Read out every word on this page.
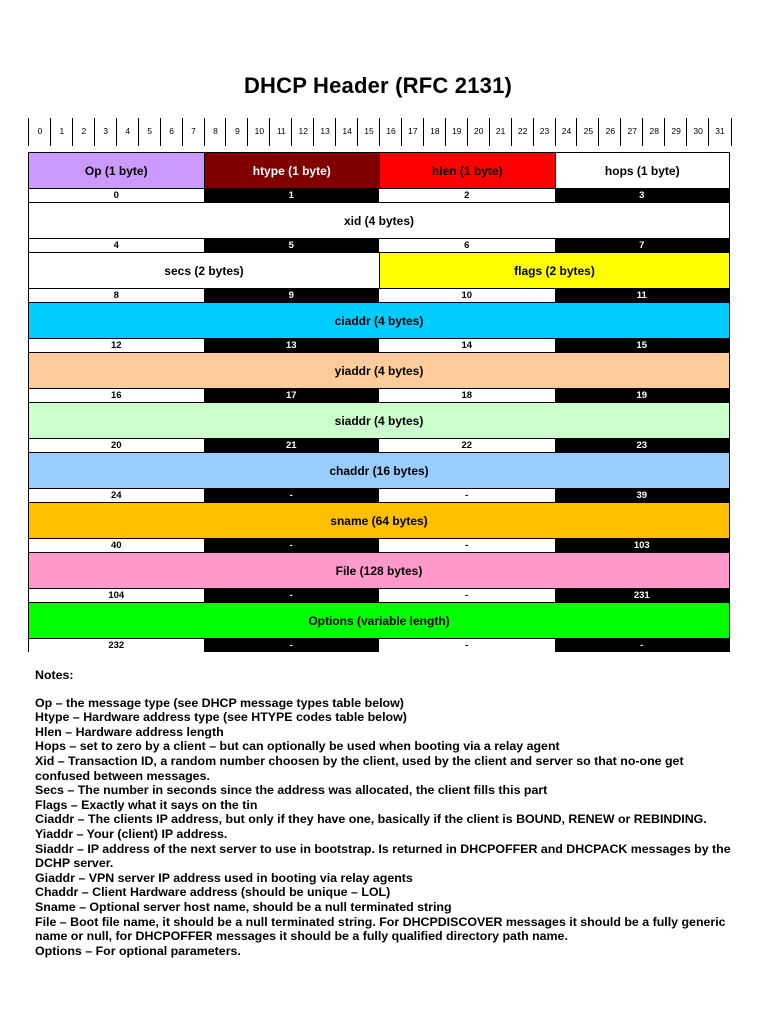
DHCP Header (RFC 2131)
0	1	2	3	4	5	6	7	8	9	10	11	12	13	14	15	16	17	18	19	20	21	22	23	24	25	26	27	28	29	30	31
Op (1 byte)	htype (1 byte)	hlen (1 byte)	hops (1 byte)
0	1	2	3
xid (4 bytes)
4	5	6	7
secs (2 bytes)	flags (2 bytes)
8	9	10	11
ciaddr (4 bytes)
12	13	14	15
yiaddr (4 bytes)
16	17	18	19
siaddr (4 bytes)
20	21	22	23
chaddr (16 bytes)
24	-	-	39
sname (64 bytes)
40	-	-	103
File (128 bytes)
104	-	-	231
Options (variable length)
232	-	-	-
Notes:
Op – the message type (see DHCP message types table below)
Htype – Hardware address type (see HTYPE codes table below)
Hlen – Hardware address length
Hops – set to zero by a client – but can optionally be used when booting via a relay agent
Xid – Transaction ID, a random number choosen by the client, used by the client and server so that no-one get confused between messages.
Secs – The number in seconds since the address was allocated, the client fills this part
Flags – Exactly what it says on the tin
Ciaddr – The clients IP address, but only if they have one, basically if the client is BOUND, RENEW or REBINDING.
Yiaddr – Your (client) IP address.
Siaddr – IP address of the next server to use in bootstrap. Is returned in DHCPOFFER and DHCPACK messages by the DCHP server.
Giaddr – VPN server IP address used in booting via relay agents
Chaddr – Client Hardware address (should be unique – LOL)
Sname – Optional server host name, should be a null terminated string
File – Boot file name, it should be a null terminated string. For DHCPDISCOVER messages it should be a fully generic name or null, for DHCPOFFER messages it should be a fully qualified directory path name.
Options – For optional parameters.
